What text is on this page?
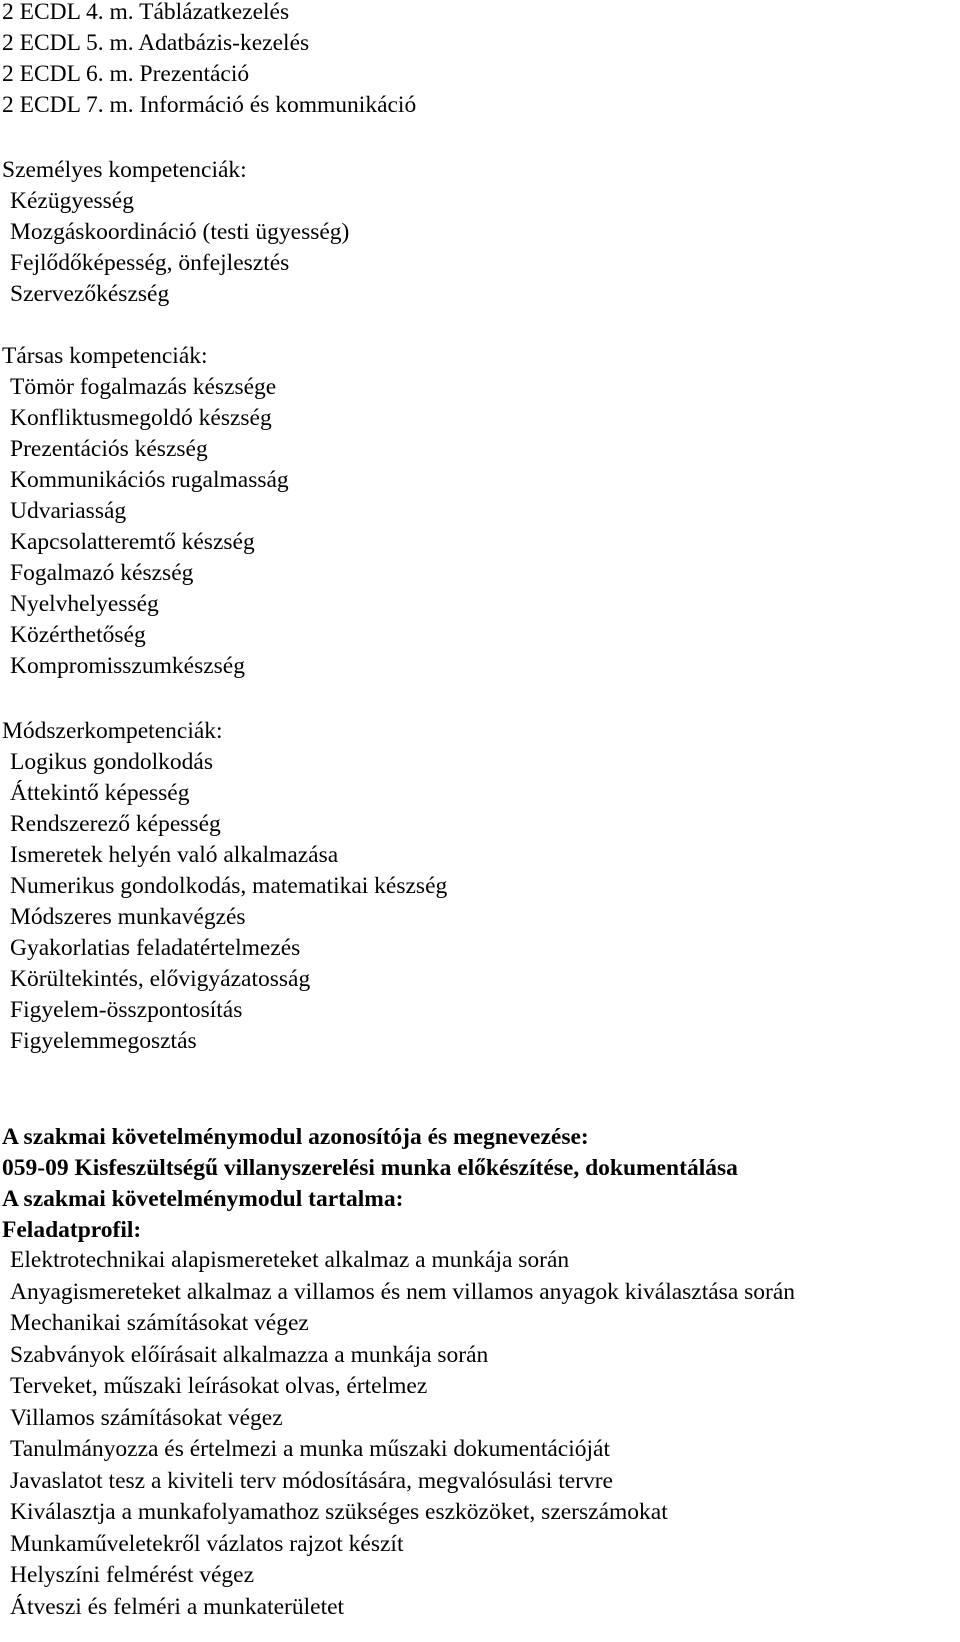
2 ECDL 4. m. Táblázatkezelés
2 ECDL 5. m. Adatbázis-kezelés
2 ECDL 6. m. Prezentáció
2 ECDL 7. m. Információ és kommunikáció
Személyes kompetenciák:
Kézügyesség
Mozgáskoordináció (testi ügyesség)
Fejlődőképesség, önfejlesztés
Szervezőkészség
Társas kompetenciák:
Tömör fogalmazás készsége
Konfliktusmegoldó készség
Prezentációs készség
Kommunikációs rugalmasság
Udvariasság
Kapcsolatteremtő készség
Fogalmazó készség
Nyelvhelyesség
Közérthetőség
Kompromisszumkészség
Módszerkompetenciák:
Logikus gondolkodás
Áttekintő képesség
Rendszerező képesség
Ismeretek helyén való alkalmazása
Numerikus gondolkodás, matematikai készség
Módszeres munkavégzés
Gyakorlatias feladatértelmezés
Körültekintés, elővigyázatosság
Figyelem-összpontosítás
Figyelemmegosztás
A szakmai követelménymodul azonosítója és megnevezése:
059-09 Kisfeszültségű villanyszerelési munka előkészítése, dokumentálása
A szakmai követelménymodul tartalma:
Feladatprofil:
Elektrotechnikai alapismereteket alkalmaz a munkája során
Anyagismereteket alkalmaz a villamos és nem villamos anyagok kiválasztása során
Mechanikai számításokat végez
Szabványok előírásait alkalmazza a munkája során
Terveket, műszaki leírásokat olvas, értelmez
Villamos számításokat végez
Tanulmányozza és értelmezi a munka műszaki dokumentációját
Javaslatot tesz a kiviteli terv módosítására, megvalósulási tervre
Kiválasztja a munkafolyamathoz szükséges eszközöket, szerszámokat
Munkaműveletekről vázlatos rajzot készít
Helyszíni felmérést végez
Átveszi és felméri a munkaterületet
